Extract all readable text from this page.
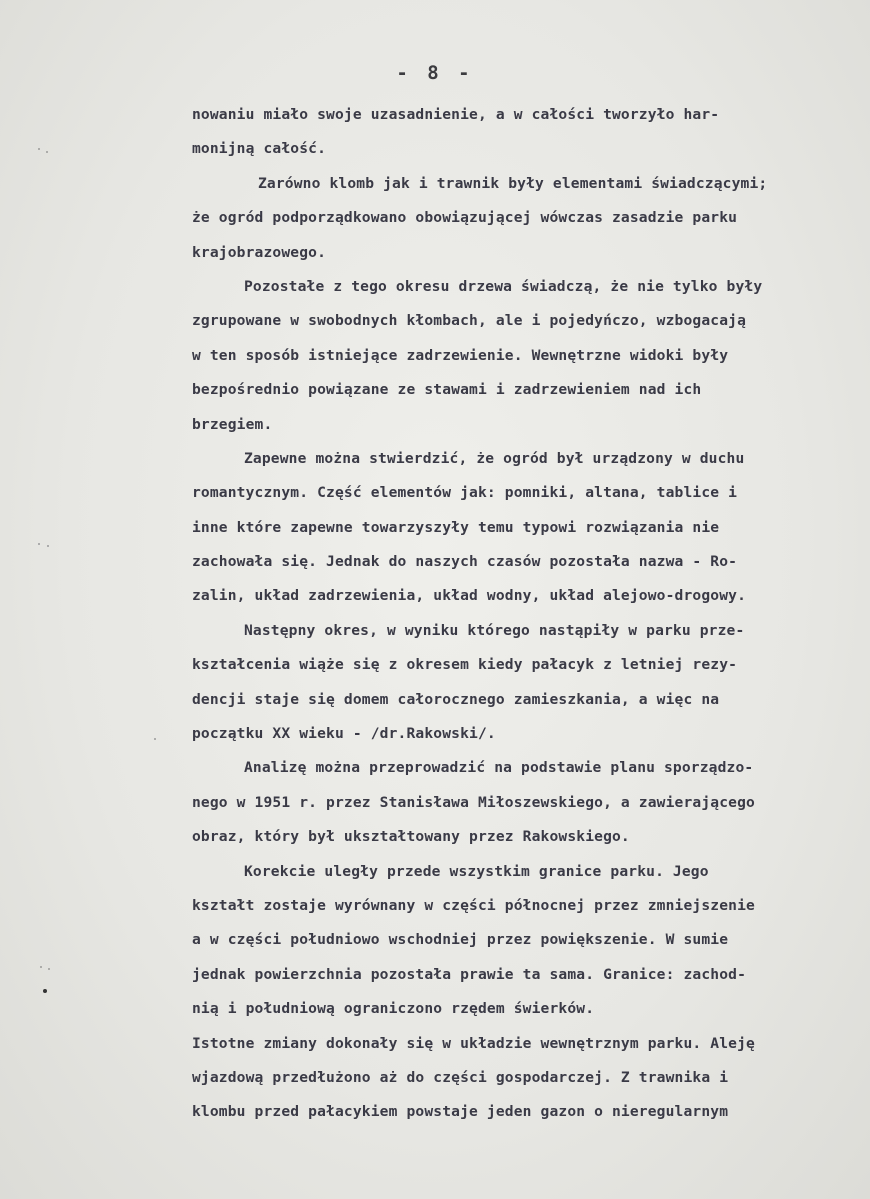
- 8 -
nowaniu miało swoje uzasadnienie, a w całości tworzyło har-
monijną całość.
Zarówno klomb jak i trawnik były elementami świadczącymi;
że ogród podporządkowano obowiązującej wówczas zasadzie parku
krajobrazowego.
Pozostałe z tego okresu drzewa świadczą, że nie tylko były
zgrupowane w swobodnych kłombach, ale i pojedyńczo, wzbogacają
w ten sposób istniejące zadrzewienie. Wewnętrzne widoki były
bezpośrednio powiązane ze stawami i zadrzewieniem nad ich
brzegiem.
Zapewne można stwierdzić, że ogród był urządzony w duchu
romantycznym. Część elementów jak: pomniki, altana, tablice i
inne które zapewne towarzyszyły temu typowi rozwiązania nie
zachowała się. Jednak do naszych czasów pozostała nazwa - Ro-
zalin, układ zadrzewienia, układ wodny, układ alejowo-drogowy.
Następny okres, w wyniku którego nastąpiły w parku prze-
kształcenia wiąże się z okresem kiedy pałacyk z letniej rezy-
dencji staje się domem całorocznego zamieszkania, a więc na
początku XX wieku - /dr.Rakowski/.
Analizę można przeprowadzić na podstawie planu sporządzo-
nego w 1951 r. przez Stanisława Miłoszewskiego, a zawierającego
obraz, który był ukształtowany przez Rakowskiego.
Korekcie uległy przede wszystkim granice parku. Jego
kształt zostaje wyrównany w części północnej przez zmniejszenie
a w części południowo wschodniej przez powiększenie. W sumie
jednak powierzchnia pozostała prawie ta sama. Granice: zachod-
nią i południową ograniczono rzędem świerków.
Istotne zmiany dokonały się w układzie wewnętrznym parku. Aleję
wjazdową przedłużono aż do części gospodarczej. Z trawnika i
klombu przed pałacykiem powstaje jeden gazon o nieregularnym
